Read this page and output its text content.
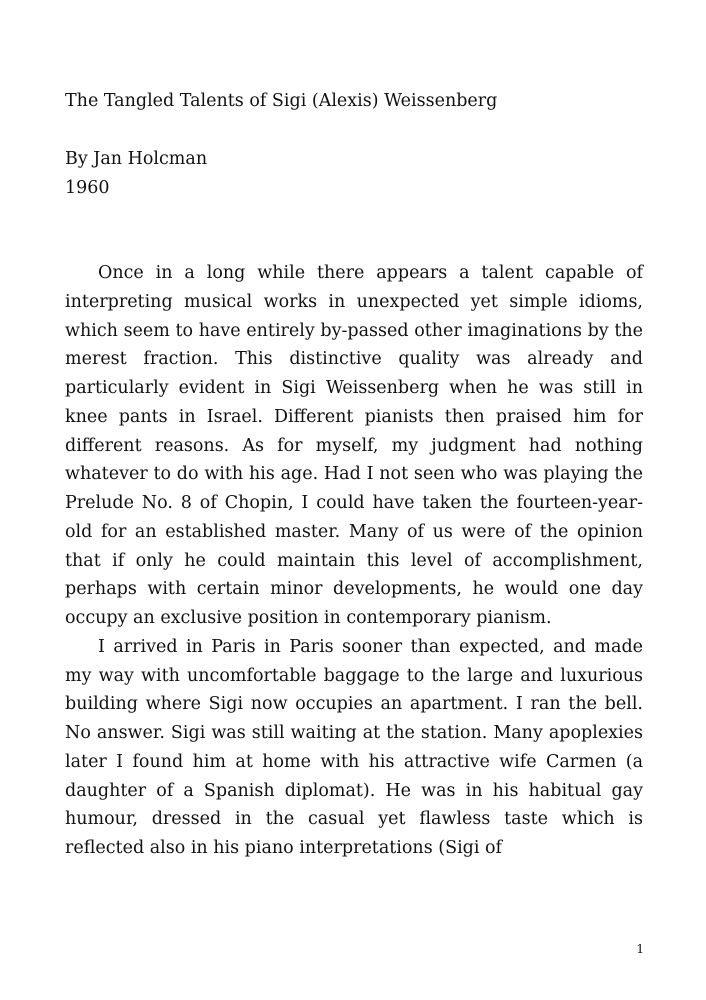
The Tangled Talents of Sigi (Alexis) Weissenberg
By Jan Holcman
1960

Once in a long while there appears a talent capable of interpreting musical works in unexpected yet simple idioms, which seem to have entirely by-passed other imaginations by the merest fraction. This distinctive quality was already and particularly evident in Sigi Weissenberg when he was still in knee pants in Israel. Different pianists then praised him for different reasons. As for myself, my judgment had nothing whatever to do with his age. Had I not seen who was playing the Prelude No. 8 of Chopin, I could have taken the fourteen-year-old for an established master. Many of us were of the opinion that if only he could maintain this level of accomplishment, perhaps with certain minor developments, he would one day occupy an exclusive position in contemporary pianism.

I arrived in Paris in Paris sooner than expected, and made my way with uncomfortable baggage to the large and luxurious building where Sigi now occupies an apartment. I ran the bell. No answer. Sigi was still waiting at the station. Many apoplexies later I found him at home with his attractive wife Carmen (a daughter of a Spanish diplomat). He was in his habitual gay humour, dressed in the casual yet flawless taste which is reflected also in his piano interpretations (Sigi of

1
